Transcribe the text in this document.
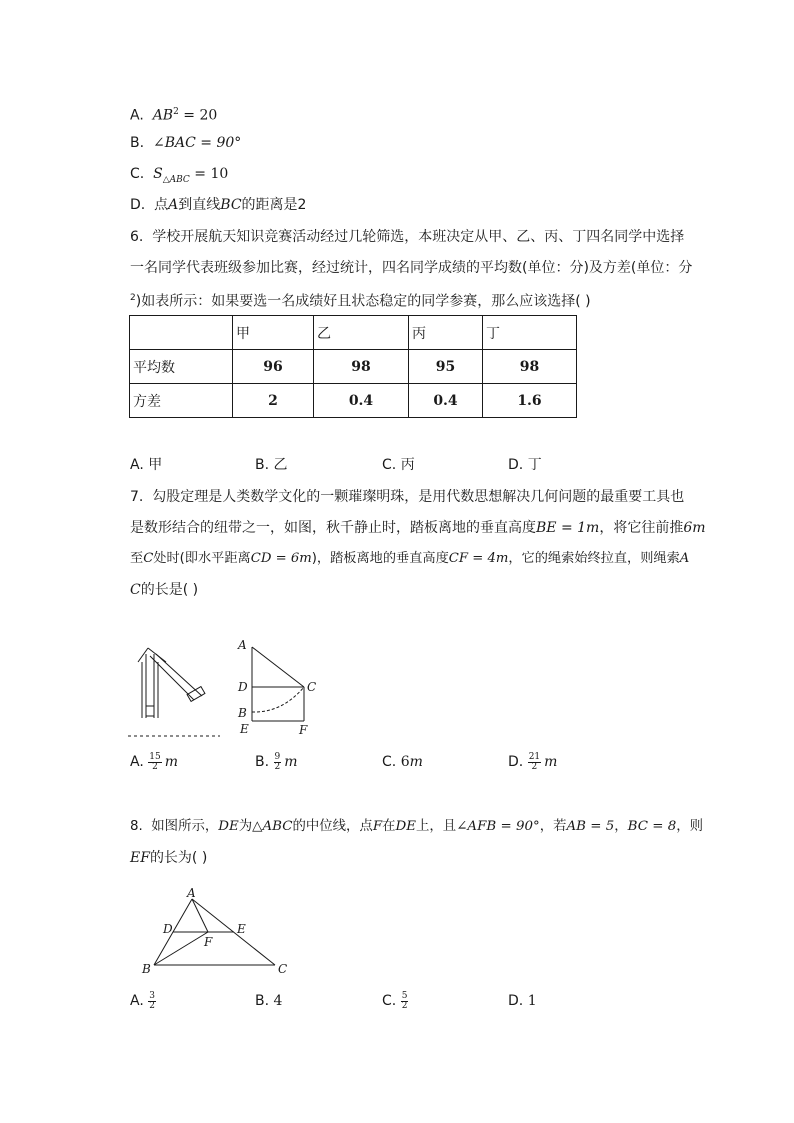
A. $AB^2 = 20$
B. ∠BAC = 90°
C. $S_{\triangle ABC} = 10$
D. 点A到直线BC的距离是2
6. 学校开展航天知识竞赛活动经过几轮筛选，本班决定从甲、乙、丙、丁四名同学中选择
一名同学代表班级参加比赛，经过统计，四名同学成绩的平均数(单位：分)及方差(单位：分
$^2$)如表所示：如果要选一名成绩好且状态稳定的同学参赛，那么应该选择( )
	甲	乙	丙	丁
平均数	96	98	95	98
方差	2	0.4	0.4	1.6
A. 甲	B. 乙	C. 丙	D. 丁
7. 勾股定理是人类数学文化的一颗璀璨明珠，是用代数思想解决几何问题的最重要工具也
是数形结合的纽带之一，如图，秋千静止时，踏板离地的垂直高度BE = 1m，将它往前推6m
至C处时(即水平距离CD = 6m)，踏板离地的垂直高度CF = 4m，它的绳索始终拉直，则绳索A
C的长是( )
A
D	C
B
E	F
A. $\frac{15}{2}$ m	B. $\frac{9}{2}$ m	C. 6m	D. $\frac{21}{2}$ m
8. 如图所示，DE为△ABC的中位线，点F在DE上，且∠AFB = 90°，若AB = 5，BC = 8，则
EF的长为( )
A
D	E
F
B	C
A. $\frac{3}{2}$	B. 4	C. $\frac{5}{2}$	D. 1
